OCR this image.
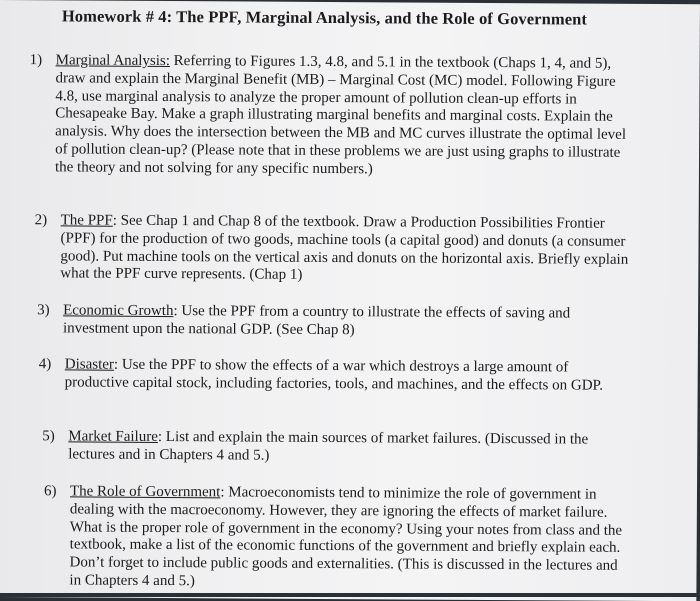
Homework # 4: The PPF, Marginal Analysis, and the Role of Government
1) Marginal Analysis: Referring to Figures 1.3, 4.8, and 5.1 in the textbook (Chaps 1, 4, and 5), draw and explain the Marginal Benefit (MB) – Marginal Cost (MC) model. Following Figure 4.8, use marginal analysis to analyze the proper amount of pollution clean-up efforts in Chesapeake Bay. Make a graph illustrating marginal benefits and marginal costs. Explain the analysis. Why does the intersection between the MB and MC curves illustrate the optimal level of pollution clean-up? (Please note that in these problems we are just using graphs to illustrate the theory and not solving for any specific numbers.)
2) The PPF: See Chap 1 and Chap 8 of the textbook. Draw a Production Possibilities Frontier (PPF) for the production of two goods, machine tools (a capital good) and donuts (a consumer good). Put machine tools on the vertical axis and donuts on the horizontal axis. Briefly explain what the PPF curve represents. (Chap 1)
3) Economic Growth: Use the PPF from a country to illustrate the effects of saving and investment upon the national GDP. (See Chap 8)
4) Disaster: Use the PPF to show the effects of a war which destroys a large amount of productive capital stock, including factories, tools, and machines, and the effects on GDP.
5) Market Failure: List and explain the main sources of market failures. (Discussed in the lectures and in Chapters 4 and 5.)
6) The Role of Government: Macroeconomists tend to minimize the role of government in dealing with the macroeconomy. However, they are ignoring the effects of market failure. What is the proper role of government in the economy? Using your notes from class and the textbook, make a list of the economic functions of the government and briefly explain each. Don’t forget to include public goods and externalities. (This is discussed in the lectures and in Chapters 4 and 5.)
